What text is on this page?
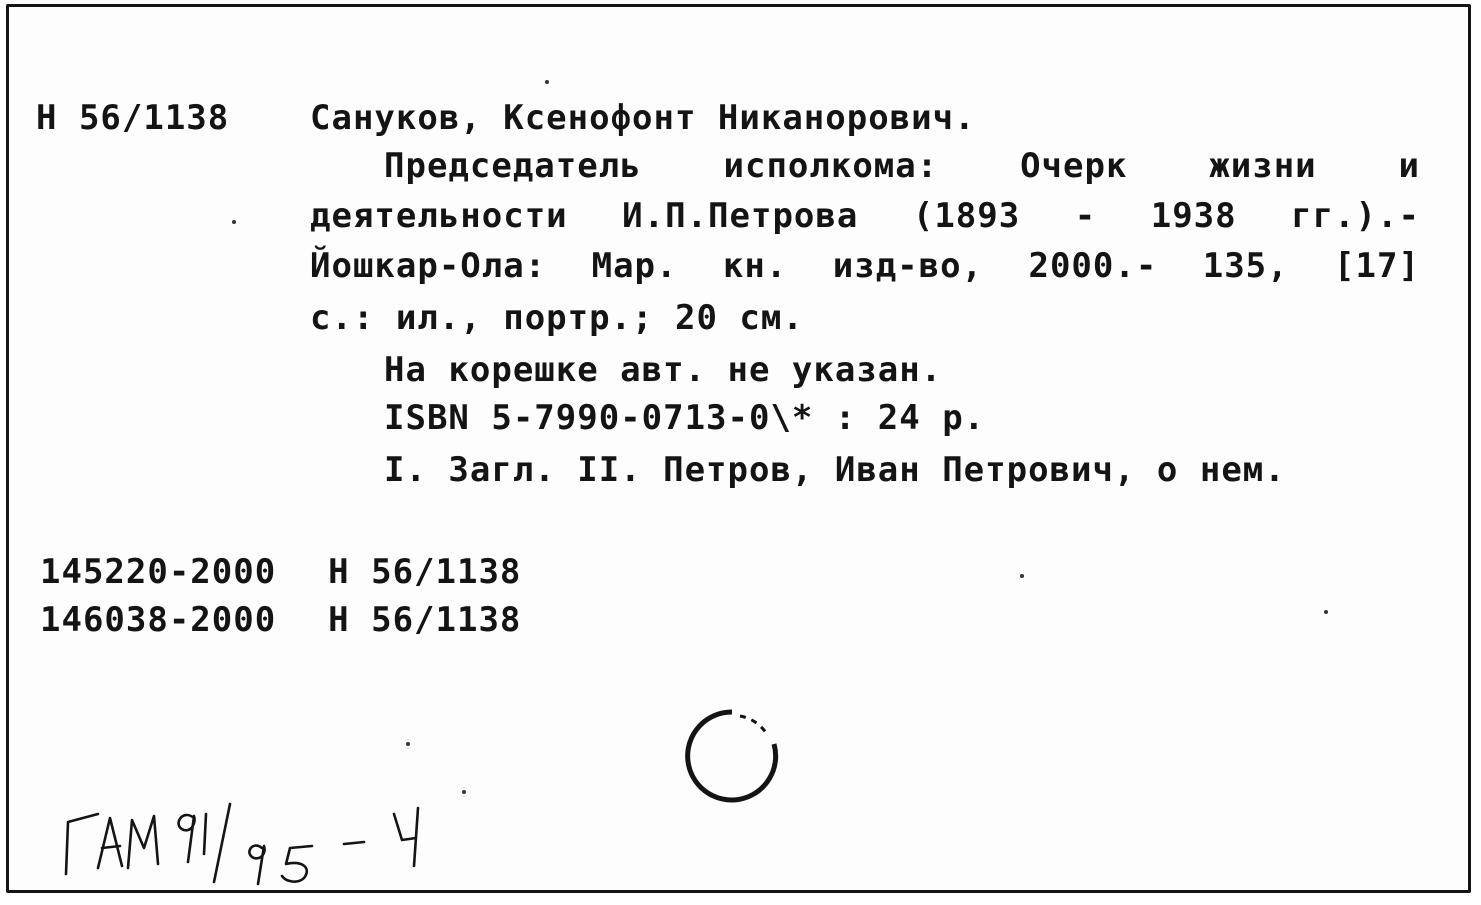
Н 56/1138 Сануков, Ксенофонт Никанорович.
Председатель исполкома: Очерк жизни и
деятельности И.П.Петрова (1893 - 1938 гг.).-
Йошкар-Ола: Мар. кн. изд-во, 2000.- 135, [17]
с.: ил., портр.; 20 см.
На корешке авт. не указан.
ISBN 5-7990-0713-0\* : 24 р.
I. Загл. II. Петров, Иван Петрович, о нем.
145220-2000 Н 56/1138
146038-2000 Н 56/1138
